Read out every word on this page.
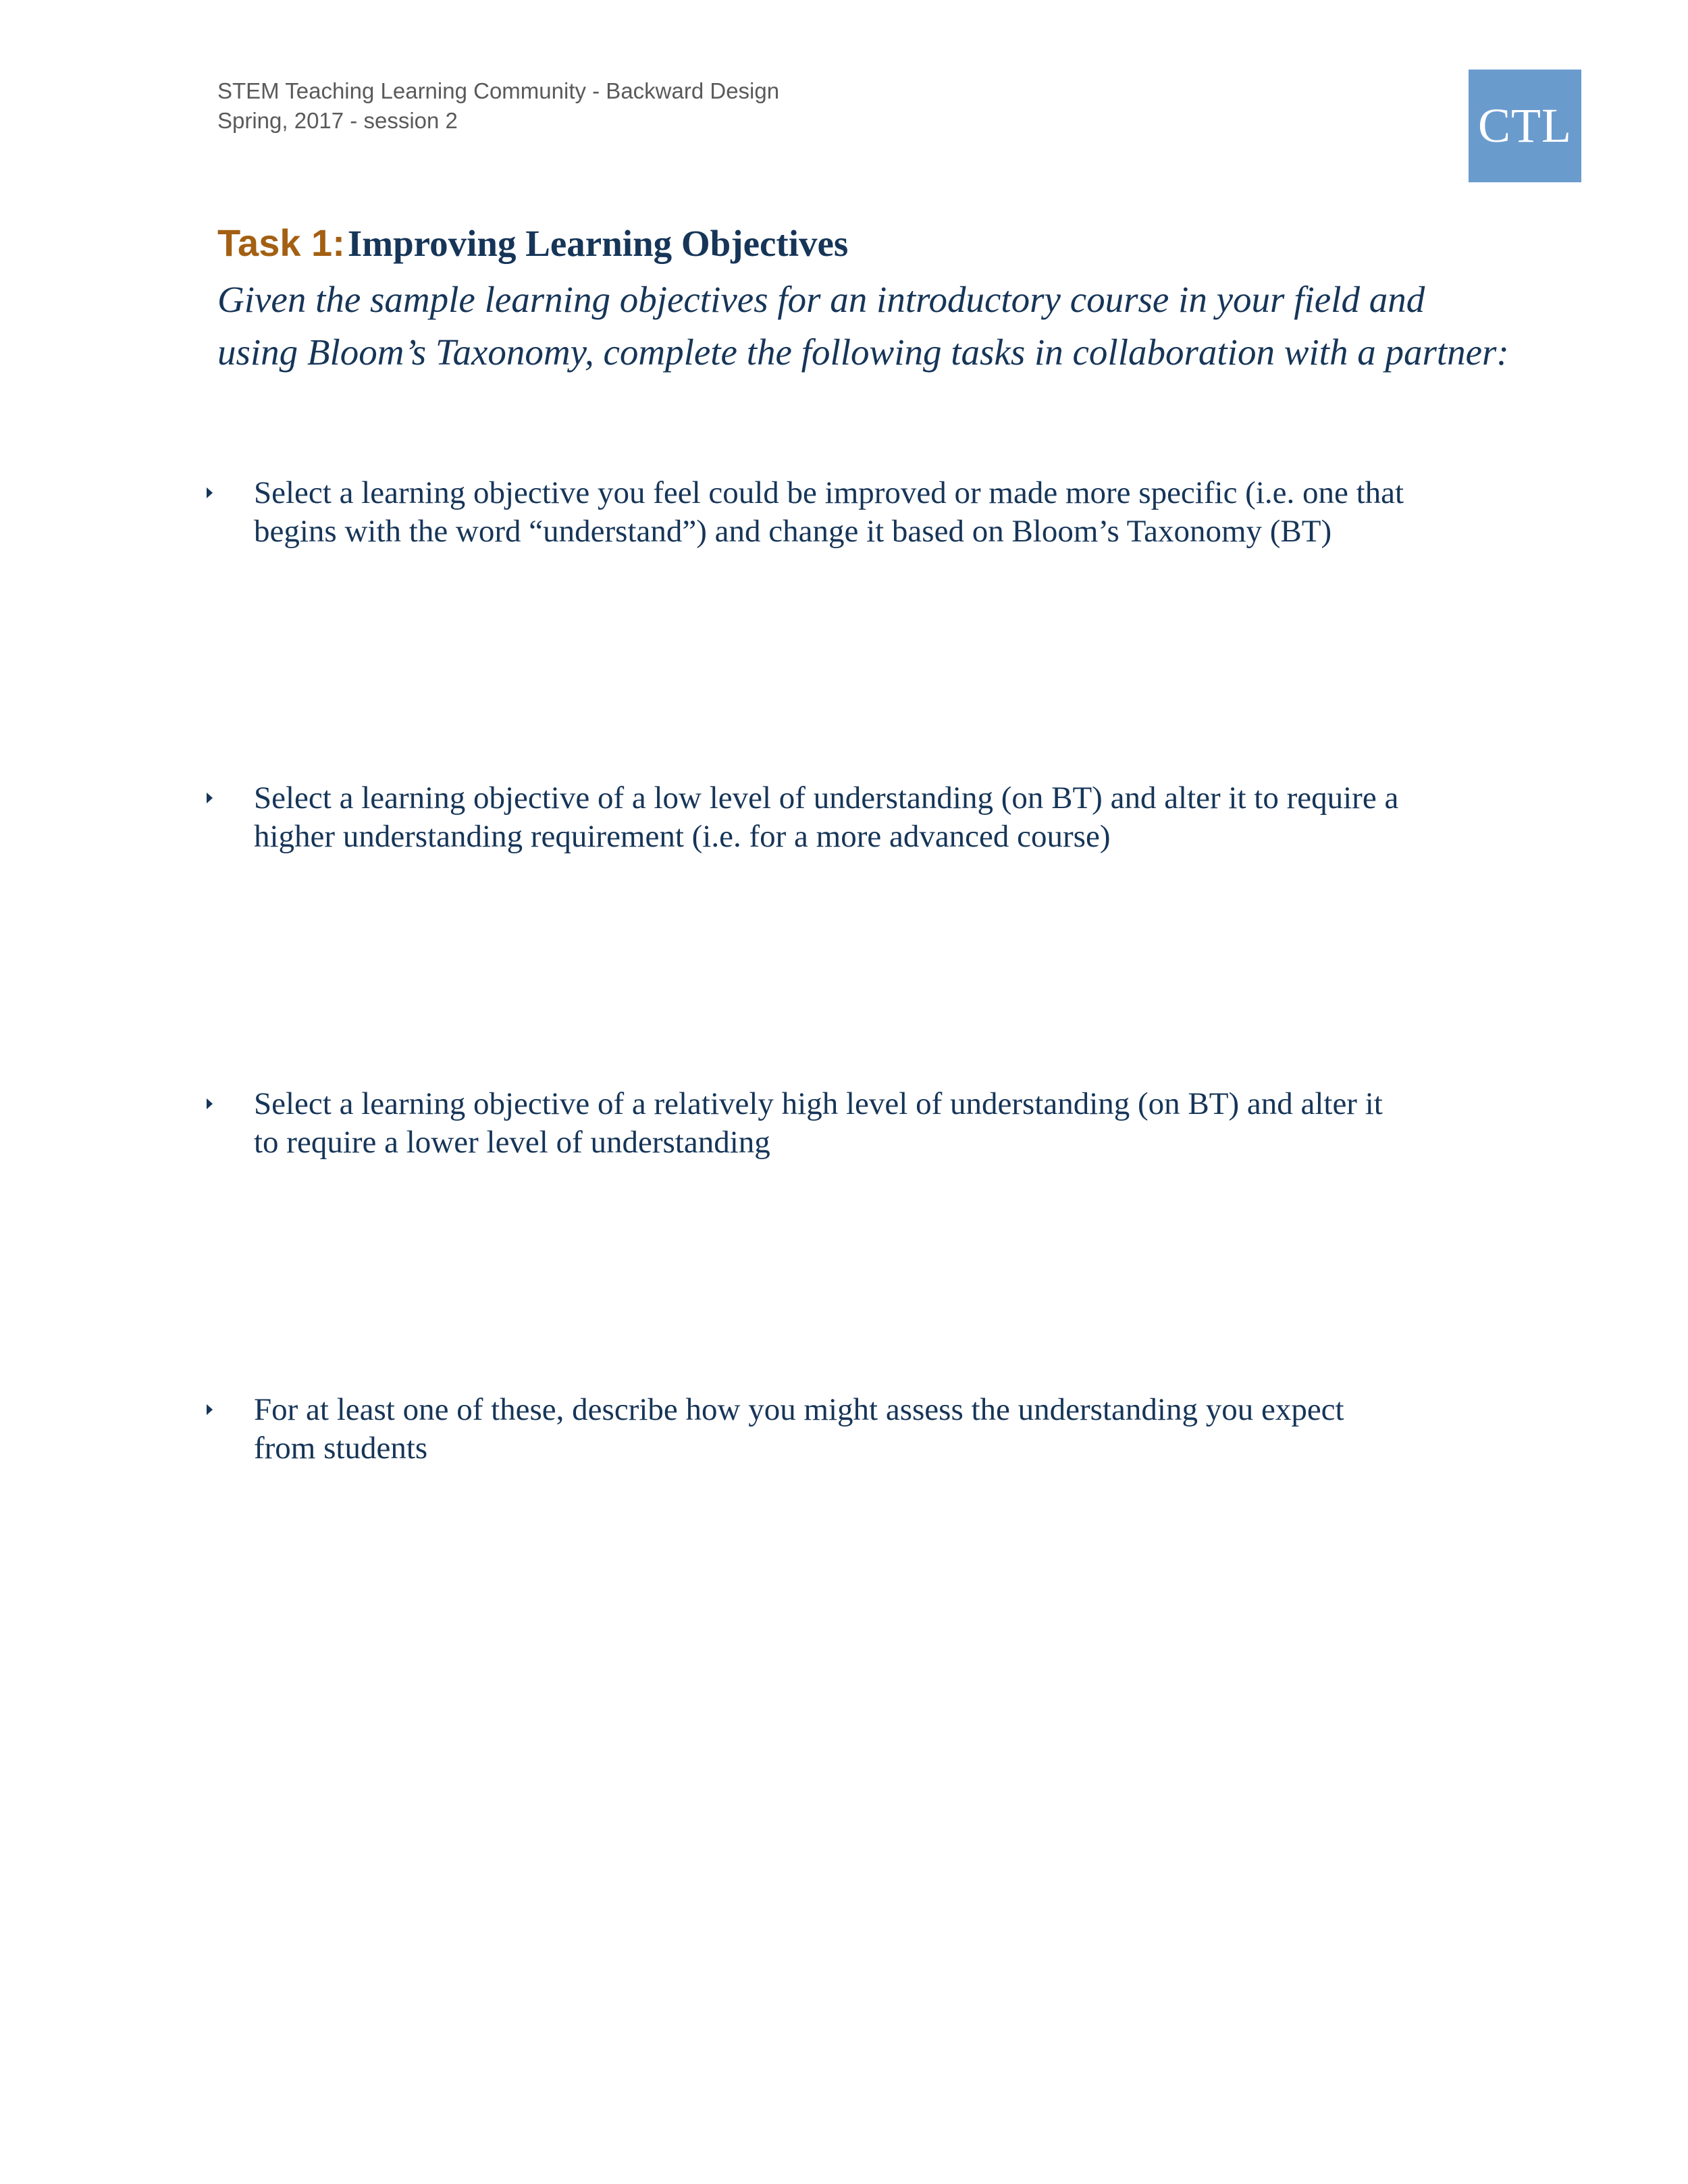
STEM Teaching Learning Community - Backward Design
Spring, 2017 - session 2	CTL
Task 1: Improving Learning Objectives
Given the sample learning objectives for an introductory course in your field and
using Bloom’s Taxonomy, complete the following tasks in collaboration with a partner:
Select a learning objective you feel could be improved or made more specific (i.e. one that
begins with the word “understand”) and change it based on Bloom’s Taxonomy (BT)
Select a learning objective of a low level of understanding (on BT) and alter it to require a
higher understanding requirement (i.e. for a more advanced course)
Select a learning objective of a relatively high level of understanding (on BT) and alter it
to require a lower level of understanding
For at least one of these, describe how you might assess the understanding you expect
from students
